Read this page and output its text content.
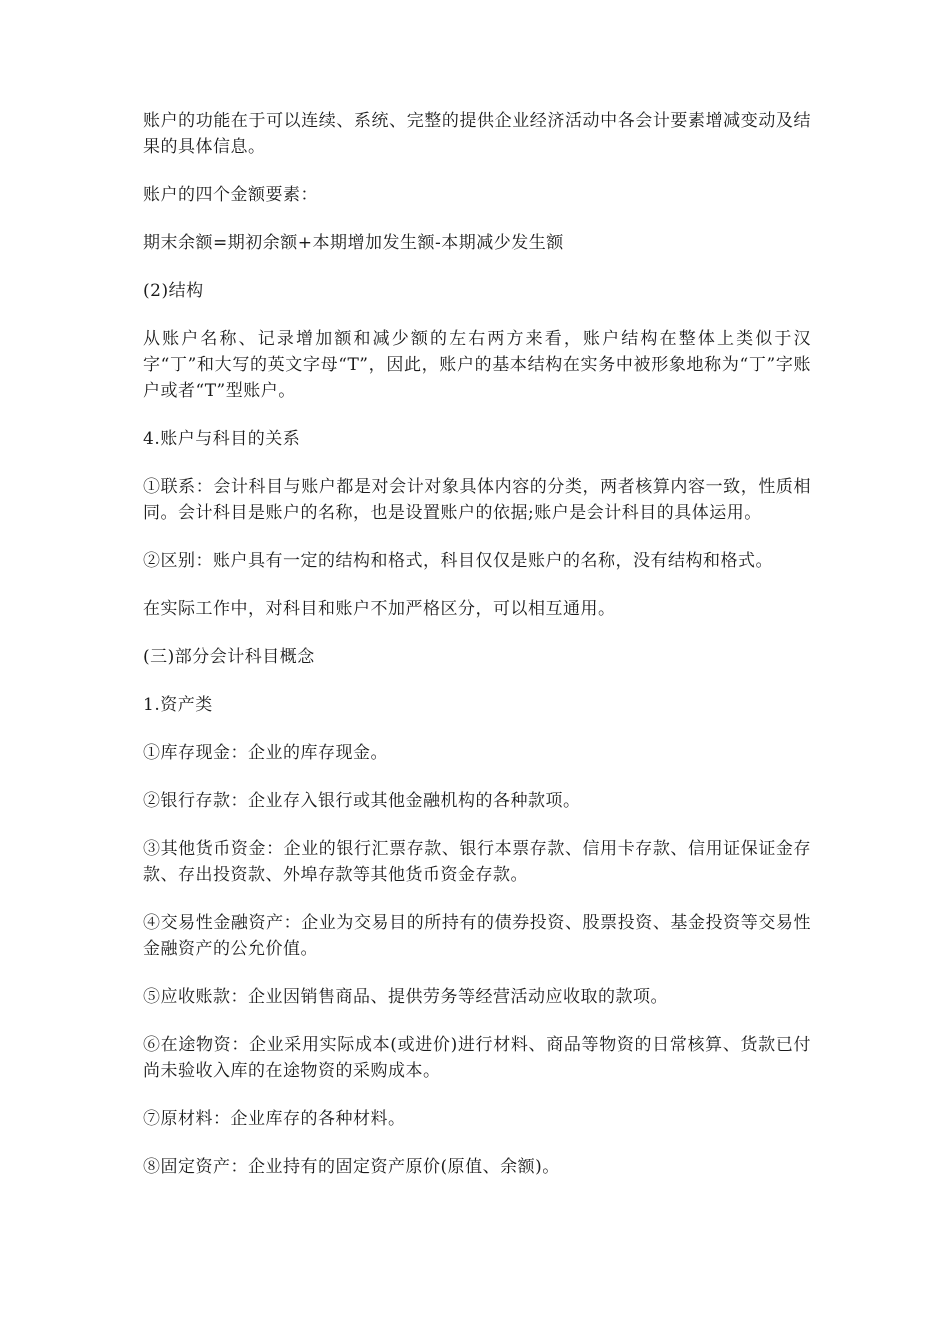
账户的功能在于可以连续、系统、完整的提供企业经济活动中各会计要素增减变动及结果的具体信息。

账户的四个金额要素：

期末余额=期初余额+本期增加发生额-本期减少发生额

(2)结构

从账户名称、记录增加额和减少额的左右两方来看，账户结构在整体上类似于汉字“丁”和大写的英文字母“T”，因此，账户的基本结构在实务中被形象地称为“丁”字账户或者“T”型账户。

4.账户与科目的关系

①联系：会计科目与账户都是对会计对象具体内容的分类，两者核算内容一致，性质相同。会计科目是账户的名称，也是设置账户的依据;账户是会计科目的具体运用。

②区别：账户具有一定的结构和格式，科目仅仅是账户的名称，没有结构和格式。

在实际工作中，对科目和账户不加严格区分，可以相互通用。

(三)部分会计科目概念

1.资产类

①库存现金：企业的库存现金。

②银行存款：企业存入银行或其他金融机构的各种款项。

③其他货币资金：企业的银行汇票存款、银行本票存款、信用卡存款、信用证保证金存款、存出投资款、外埠存款等其他货币资金存款。

④交易性金融资产：企业为交易目的所持有的债券投资、股票投资、基金投资等交易性金融资产的公允价值。

⑤应收账款：企业因销售商品、提供劳务等经营活动应收取的款项。

⑥在途物资：企业采用实际成本(或进价)进行材料、商品等物资的日常核算、货款已付尚未验收入库的在途物资的采购成本。

⑦原材料：企业库存的各种材料。

⑧固定资产：企业持有的固定资产原价(原值、余额)。
